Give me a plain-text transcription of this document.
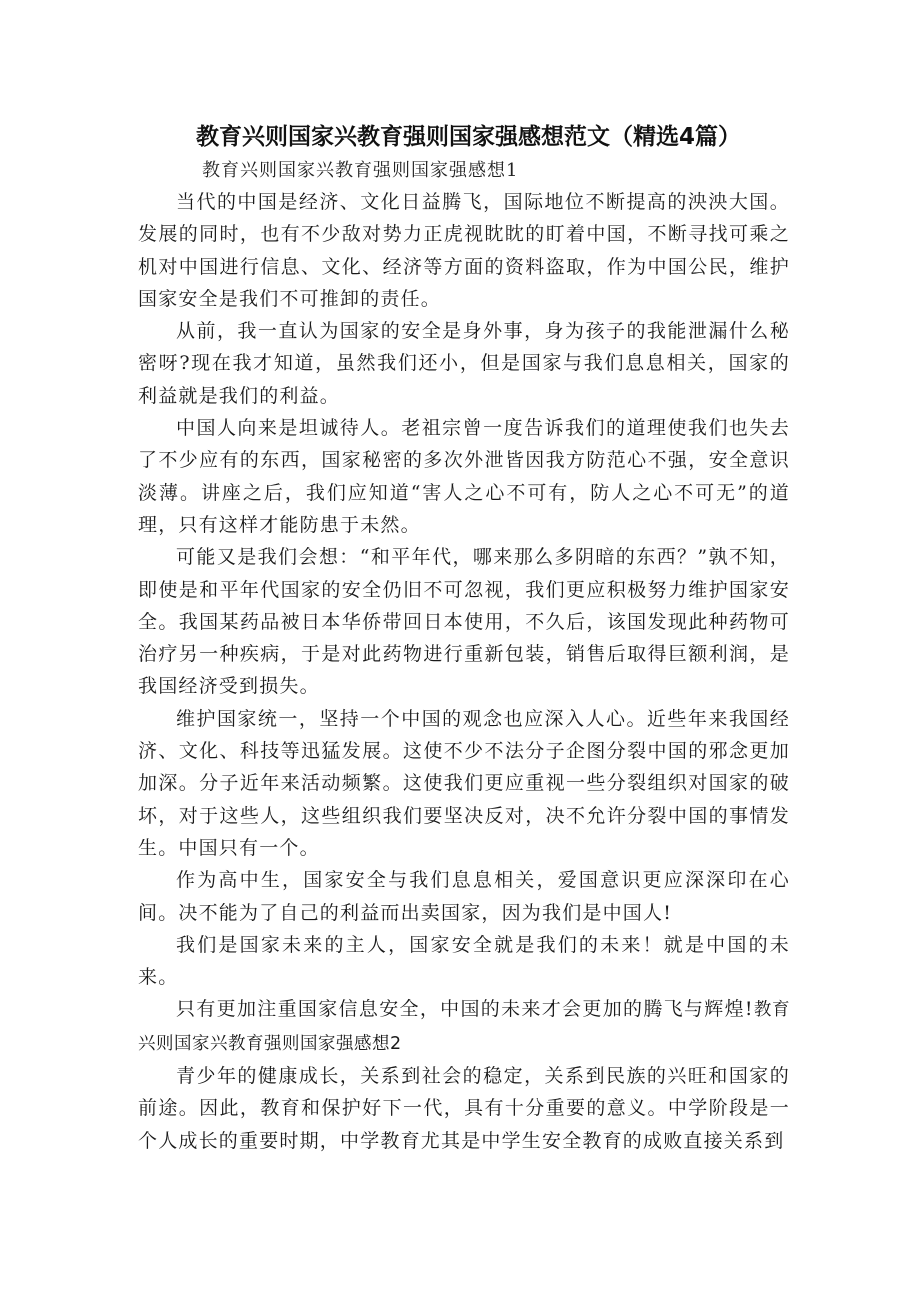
教育兴则国家兴教育强则国家强感想范文（精选4篇）
教育兴则国家兴教育强则国家强感想1

当代的中国是经济、文化日益腾飞，国际地位不断提高的泱泱大国。发展的同时，也有不少敌对势力正虎视眈眈的盯着中国，不断寻找可乘之机对中国进行信息、文化、经济等方面的资料盗取，作为中国公民，维护国家安全是我们不可推卸的责任。

从前，我一直认为国家的安全是身外事，身为孩子的我能泄漏什么秘密呀?现在我才知道，虽然我们还小，但是国家与我们息息相关，国家的利益就是我们的利益。

中国人向来是坦诚待人。老祖宗曾一度告诉我们的道理使我们也失去了不少应有的东西，国家秘密的多次外泄皆因我方防范心不强，安全意识淡薄。讲座之后，我们应知道“害人之心不可有，防人之心不可无”的道理，只有这样才能防患于未然。

可能又是我们会想：“和平年代，哪来那么多阴暗的东西？”孰不知，即使是和平年代国家的安全仍旧不可忽视，我们更应积极努力维护国家安全。我国某药品被日本华侨带回日本使用，不久后，该国发现此种药物可治疗另一种疾病，于是对此药物进行重新包装，销售后取得巨额利润，是我国经济受到损失。

维护国家统一，坚持一个中国的观念也应深入人心。近些年来我国经济、文化、科技等迅猛发展。这使不少不法分子企图分裂中国的邪念更加加深。分子近年来活动频繁。这使我们更应重视一些分裂组织对国家的破坏，对于这些人，这些组织我们要坚决反对，决不允许分裂中国的事情发生。中国只有一个。

作为高中生，国家安全与我们息息相关，爱国意识更应深深印在心间。决不能为了自己的利益而出卖国家，因为我们是中国人!

我们是国家未来的主人，国家安全就是我们的未来！就是中国的未来。

只有更加注重国家信息安全，中国的未来才会更加的腾飞与辉煌!教育兴则国家兴教育强则国家强感想2

青少年的健康成长，关系到社会的稳定，关系到民族的兴旺和国家的前途。因此，教育和保护好下一代，具有十分重要的意义。中学阶段是一个人成长的重要时期，中学教育尤其是中学生安全教育的成败直接关系到
